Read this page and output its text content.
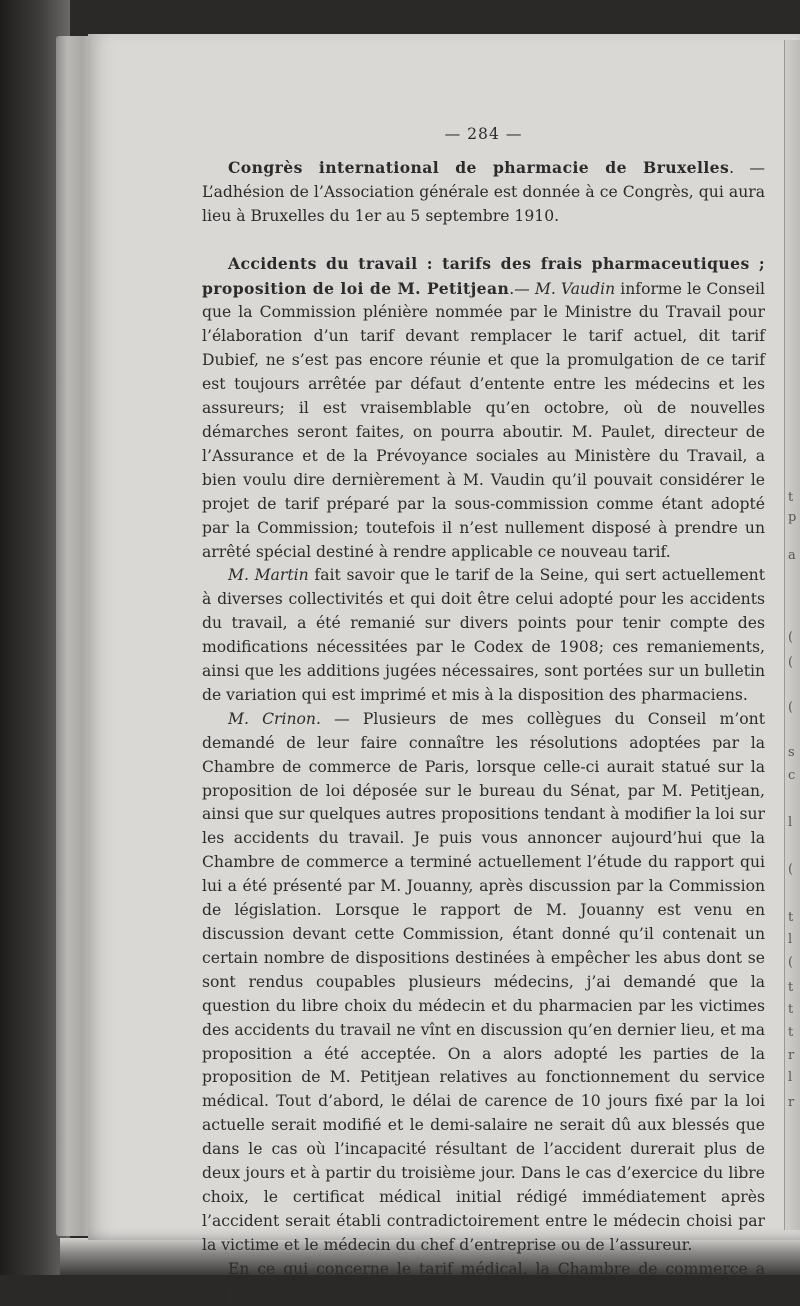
t
p
a
(
(
(
s
c
l
(
t
l
(
t
t
t
r
l
r
— 284 —

Congrès international de pharmacie de Bruxelles. — L’adhésion de l’Association générale est donnée à ce Congrès, qui aura lieu à Bruxelles du 1er au 5 septembre 1910.

Accidents du travail : tarifs des frais pharmaceutiques ; proposition de loi de M. Petitjean.— M. Vaudin informe le Conseil que la Commission plénière nommée par le Ministre du Travail pour l’élaboration d’un tarif devant remplacer le tarif actuel, dit tarif Dubief, ne s’est pas encore réunie et que la promulgation de ce tarif est toujours arrêtée par défaut d’entente entre les médecins et les assureurs; il est vraisemblable qu’en octobre, où de nouvelles démarches seront faites, on pourra aboutir. M. Paulet, directeur de l’Assurance et de la Prévoyance sociales au Ministère du Travail, a bien voulu dire dernièrement à M. Vaudin qu’il pouvait considérer le projet de tarif préparé par la sous-commission comme étant adopté par la Commission; toutefois il n’est nullement disposé à prendre un arrêté spécial destiné à rendre applicable ce nouveau tarif.

M. Martin fait savoir que le tarif de la Seine, qui sert actuellement à diverses collectivités et qui doit être celui adopté pour les accidents du travail, a été remanié sur divers points pour tenir compte des modifications nécessitées par le Codex de 1908; ces remaniements, ainsi que les additions jugées nécessaires, sont portées sur un bulletin de variation qui est imprimé et mis à la disposition des pharmaciens.

M. Crinon. — Plusieurs de mes collègues du Conseil m’ont demandé de leur faire connaître les résolutions adoptées par la Chambre de commerce de Paris, lorsque celle-ci aurait statué sur la proposition de loi déposée sur le bureau du Sénat, par M. Petitjean, ainsi que sur quelques autres propositions tendant à modifier la loi sur les accidents du travail. Je puis vous annoncer aujourd’hui que la Chambre de commerce a terminé actuellement l’étude du rapport qui lui a été présenté par M. Jouanny, après discussion par la Commission de législation. Lorsque le rapport de M. Jouanny est venu en discussion devant cette Commission, étant donné qu’il contenait un certain nombre de dispositions destinées à empêcher les abus dont se sont rendus coupables plusieurs médecins, j’ai demandé que la question du libre choix du médecin et du pharmacien par les victimes des accidents du travail ne vînt en discussion qu’en dernier lieu, et ma proposition a été acceptée. On a alors adopté les parties de la proposition de M. Petitjean relatives au fonctionnement du service médical. Tout d’abord, le délai de carence de 10 jours fixé par la loi actuelle serait modifié et le demi-salaire ne serait dû aux blessés que dans le cas où l’incapacité résultant de l’accident durerait plus de deux jours et à partir du troisième jour. Dans le cas d’exercice du libre choix, le certificat médical initial rédigé immédiatement après l’accident serait établi contradictoirement entre le médecin choisi par la victime et le médecin du chef d’entreprise ou de l’assureur.

En ce qui concerne le tarif médical, la Chambre de commerce a proposé
